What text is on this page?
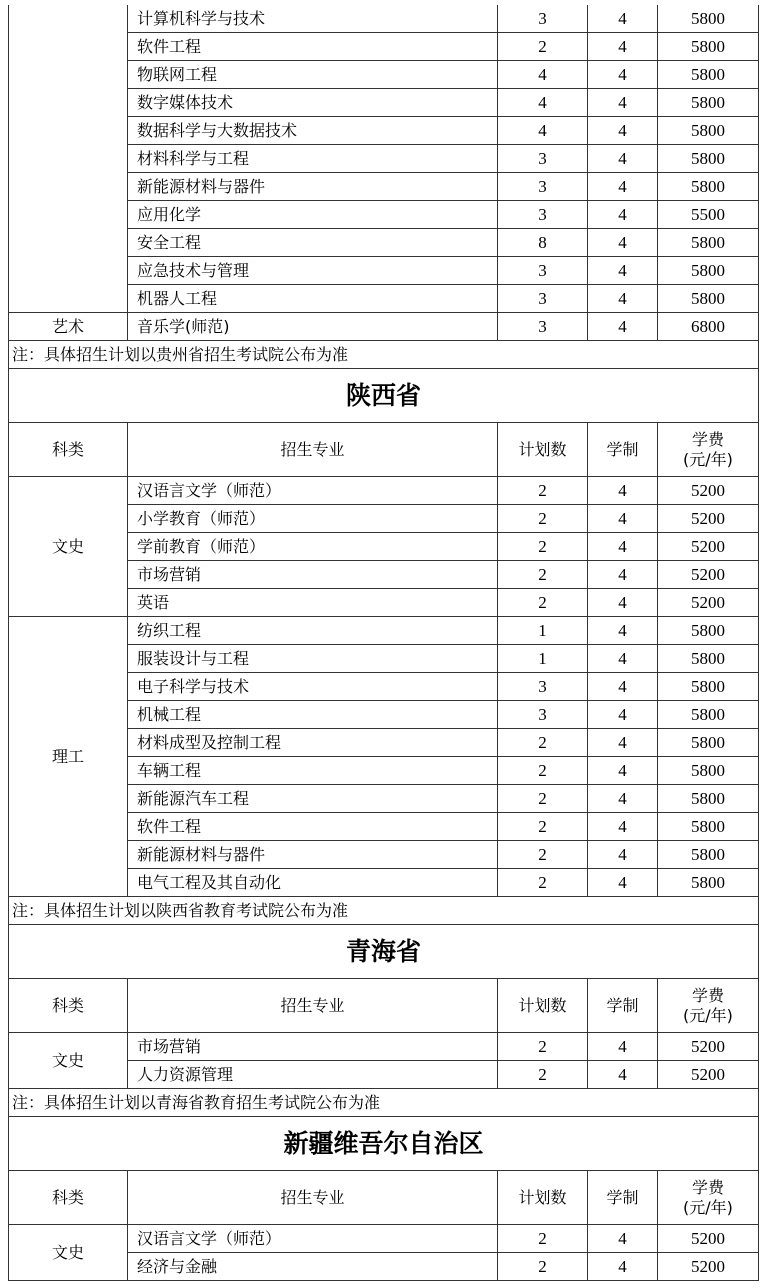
	计算机科学与技术	3	4	5800
	软件工程	2	4	5800
	物联网工程	4	4	5800
	数字媒体技术	4	4	5800
	数据科学与大数据技术	4	4	5800
	材料科学与工程	3	4	5800
	新能源材料与器件	3	4	5800
	应用化学	3	4	5500
	安全工程	8	4	5800
	应急技术与管理	3	4	5800
	机器人工程	3	4	5800
艺术	音乐学(师范)	3	4	6800
注：具体招生计划以贵州省招生考试院公布为准				
陕西省				
科类	招生专业	计划数	学制	学费
(元/年)

文史	汉语言文学（师范）	2	4	5200
	小学教育（师范）	2	4	5200
	学前教育（师范）	2	4	5200
	市场营销	2	4	5200
	英语	2	4	5200
理工	纺织工程	1	4	5800
	服装设计与工程	1	4	5800
	电子科学与技术	3	4	5800
	机械工程	3	4	5800
	材料成型及控制工程	2	4	5800
	车辆工程	2	4	5800
	新能源汽车工程	2	4	5800
	软件工程	2	4	5800
	新能源材料与器件	2	4	5800
	电气工程及其自动化	2	4	5800
注：具体招生计划以陕西省教育考试院公布为准				
青海省				
科类	招生专业	计划数	学制	学费
(元/年)

文史	市场营销	2	4	5200
	人力资源管理	2	4	5200
注：具体招生计划以青海省教育招生考试院公布为准				
新疆维吾尔自治区				
科类	招生专业	计划数	学制	学费
(元/年)

文史	汉语言文学（师范）	2	4	5200
	经济与金融	2	4	5200
